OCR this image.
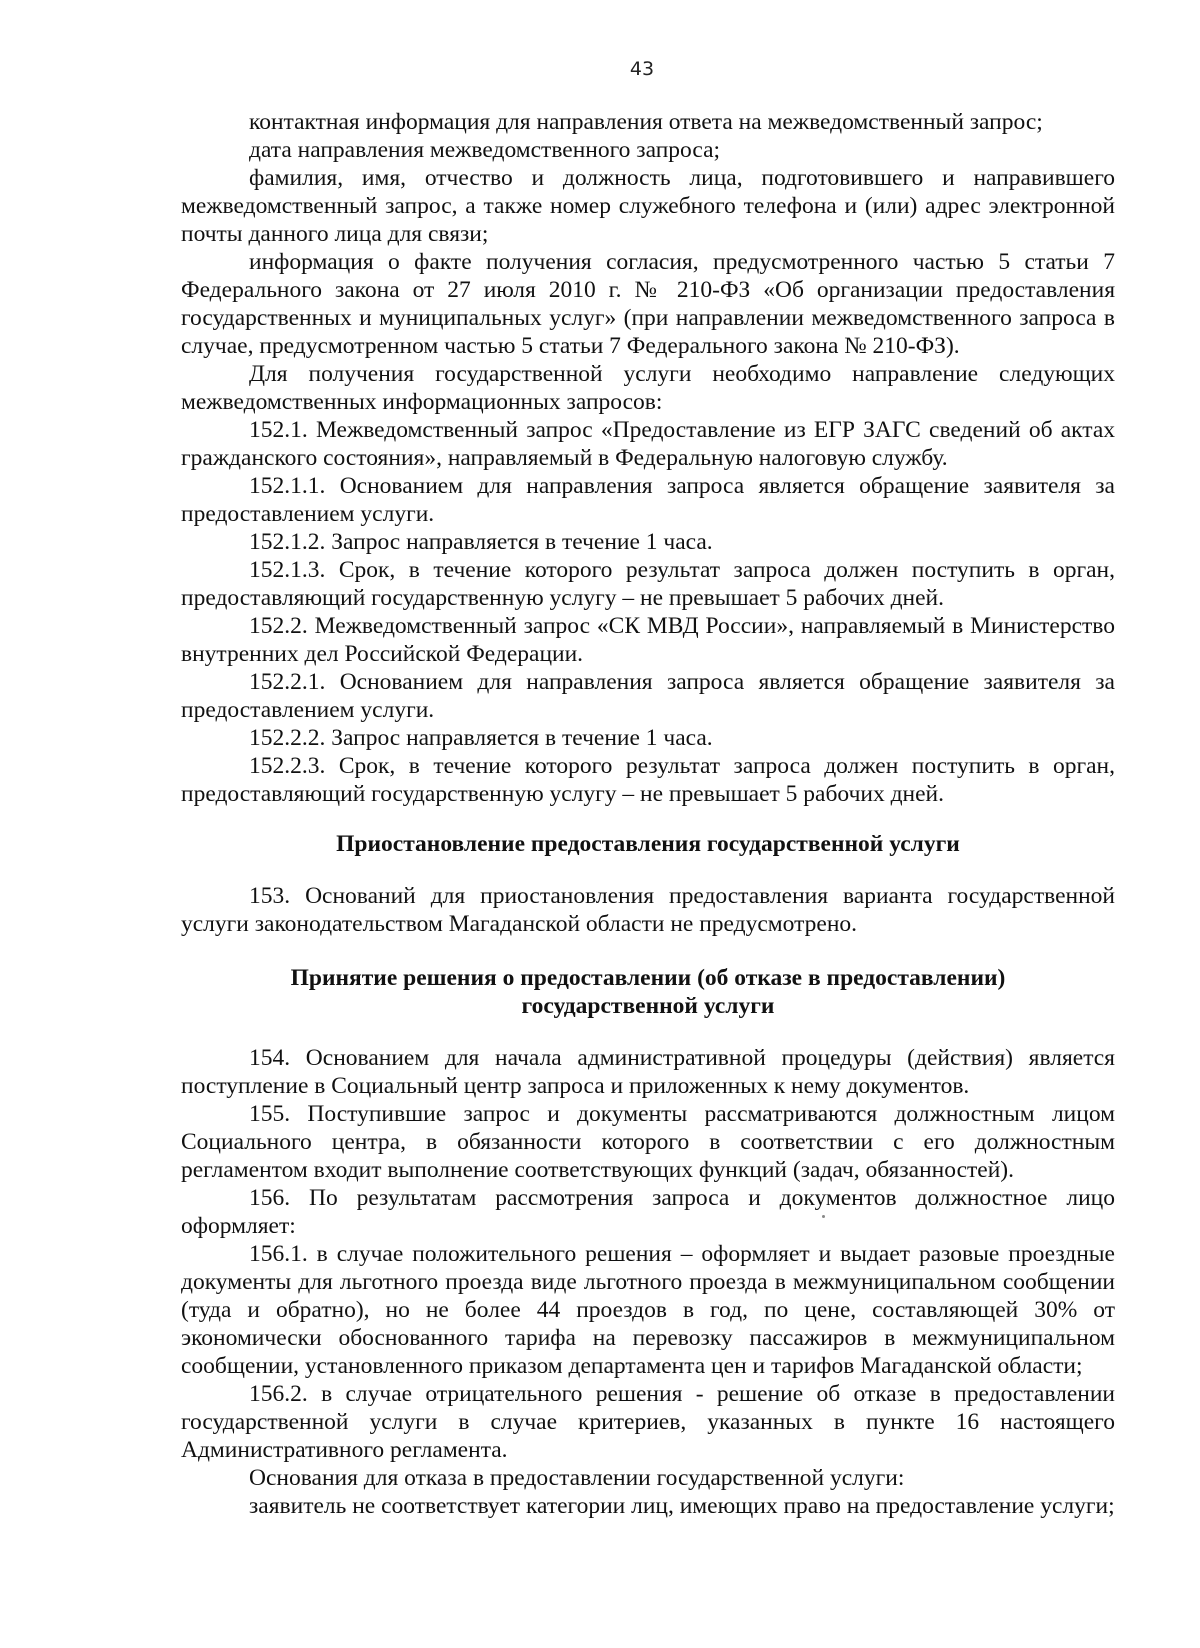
43

контактная информация для направления ответа на межведомственный запрос;

дата направления межведомственного запроса;

фамилия, имя, отчество и должность лица, подготовившего и направившего межведомственный запрос, а также номер служебного телефона и (или) адрес электронной почты данного лица для связи;

информация о факте получения согласия, предусмотренного частью 5 статьи 7 Федерального закона от 27 июля 2010 г. № 210-ФЗ «Об организации предоставления государственных и муниципальных услуг» (при направлении межведомственного запроса в случае, предусмотренном частью 5 статьи 7 Федерального закона № 210-ФЗ).

Для получения государственной услуги необходимо направление следующих межведомственных информационных запросов:

152.1. Межведомственный запрос «Предоставление из ЕГР ЗАГС сведений об актах гражданского состояния», направляемый в Федеральную налоговую службу.

152.1.1. Основанием для направления запроса является обращение заявителя за предоставлением услуги.

152.1.2. Запрос направляется в течение 1 часа.

152.1.3. Срок, в течение которого результат запроса должен поступить в орган, предоставляющий государственную услугу – не превышает 5 рабочих дней.

152.2. Межведомственный запрос «СК МВД России», направляемый в Министерство внутренних дел Российской Федерации.

152.2.1. Основанием для направления запроса является обращение заявителя за предоставлением услуги.

152.2.2. Запрос направляется в течение 1 часа.

152.2.3. Срок, в течение которого результат запроса должен поступить в орган, предоставляющий государственную услугу – не превышает 5 рабочих дней.

Приостановление предоставления государственной услуги

153. Оснований для приостановления предоставления варианта государственной услуги законодательством Магаданской области не предусмотрено.

Принятие решения о предоставлении (об отказе в предоставлении)

государственной услуги

154. Основанием для начала административной процедуры (действия) является поступление в Социальный центр запроса и приложенных к нему документов.

155. Поступившие запрос и документы рассматриваются должностным лицом Социального центра, в обязанности которого в соответствии с его должностным регламентом входит выполнение соответствующих функций (задач, обязанностей).

156. По результатам рассмотрения запроса и документов должностное лицо оформляет:

156.1. в случае положительного решения – оформляет и выдает разовые проездные документы для льготного проезда виде льготного проезда в межмуниципальном сообщении (туда и обратно), но не более 44 проездов в год, по цене, составляющей 30% от экономически обоснованного тарифа на перевозку пассажиров в межмуниципальном сообщении, установленного приказом департамента цен и тарифов Магаданской области;

156.2. в случае отрицательного решения - решение об отказе в предоставлении государственной услуги в случае критериев, указанных в пункте 16 настоящего Административного регламента.

Основания для отказа в предоставлении государственной услуги:

заявитель не соответствует категории лиц, имеющих право на предоставление услуги;
